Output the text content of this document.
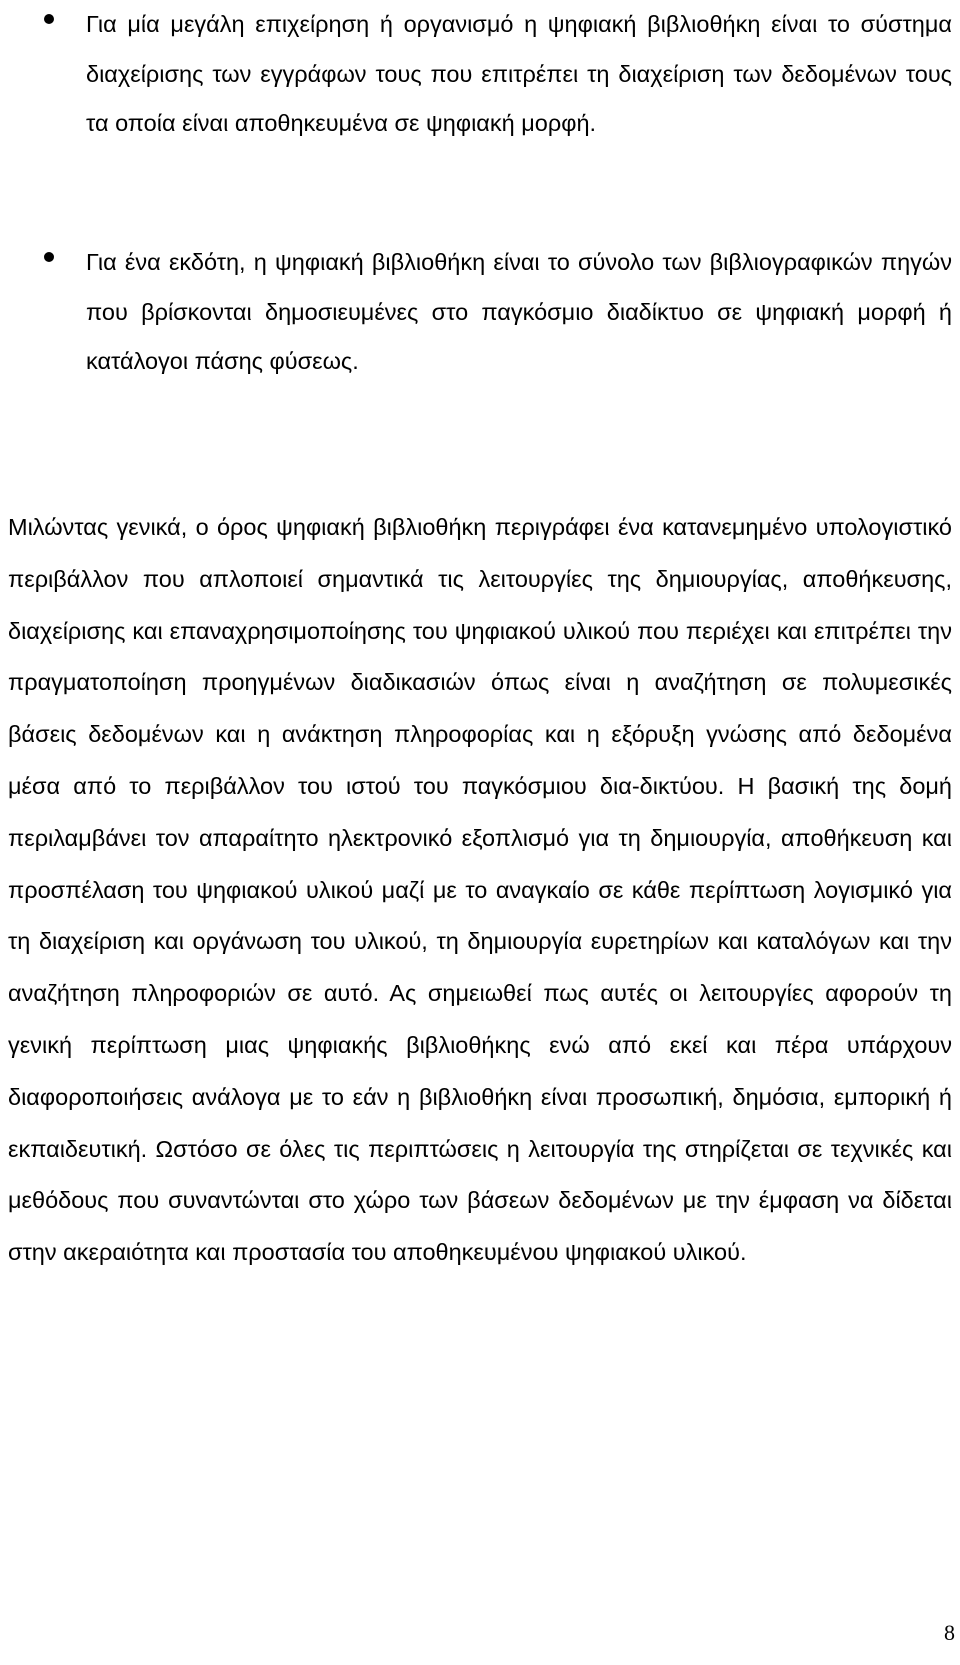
Για μία μεγάλη επιχείρηση ή οργανισμό η ψηφιακή βιβλιοθήκη είναι το σύστημα διαχείρισης των εγγράφων τους που επιτρέπει τη διαχείριση των δεδομένων τους τα οποία είναι αποθηκευμένα σε ψηφιακή μορφή.

Για ένα εκδότη, η ψηφιακή βιβλιοθήκη είναι το σύνολο των βιβλιογραφικών πηγών που βρίσκονται δημοσιευμένες στο παγκόσμιο διαδίκτυο σε ψηφιακή μορφή ή κατάλογοι πάσης φύσεως.

Μιλώντας γενικά, ο όρος ψηφιακή βιβλιοθήκη περιγράφει ένα κατανεμημένο υπολογιστικό περιβάλλον που απλοποιεί σημαντικά τις λειτουργίες της δημιουργίας, αποθήκευσης, διαχείρισης και επαναχρησιμοποίησης του ψηφιακού υλικού που περιέχει και επιτρέπει την πραγματοποίηση προηγμένων διαδικασιών όπως είναι η αναζήτηση σε πολυμεσικές βάσεις δεδομένων και η ανάκτηση πληροφορίας και η εξόρυξη γνώσης από δεδομένα μέσα από το περιβάλλον του ιστού του παγκόσμιου δια-δικτύου. Η βασική της δομή περιλαμβάνει τον απαραίτητο ηλεκτρονικό εξοπλισμό για τη δημιουργία, αποθήκευση και προσπέλαση του ψηφιακού υλικού μαζί με το αναγκαίο σε κάθε περίπτωση λογισμικό για τη διαχείριση και οργάνωση του υλικού, τη δημιουργία ευρετηρίων και καταλόγων και την αναζήτηση πληροφοριών σε αυτό. Ας σημειωθεί πως αυτές οι λειτουργίες αφορούν τη γενική περίπτωση μιας ψηφιακής βιβλιοθήκης ενώ από εκεί και πέρα υπάρχουν διαφοροποιήσεις ανάλογα με το εάν η βιβλιοθήκη είναι προσωπική, δημόσια, εμπορική ή εκπαιδευτική. Ωστόσο σε όλες τις περιπτώσεις η λειτουργία της στηρίζεται σε τεχνικές και μεθόδους που συναντώνται στο χώρο των βάσεων δεδομένων με την έμφαση να δίδεται στην ακεραιότητα και προστασία του αποθηκευμένου ψηφιακού υλικού.

8
